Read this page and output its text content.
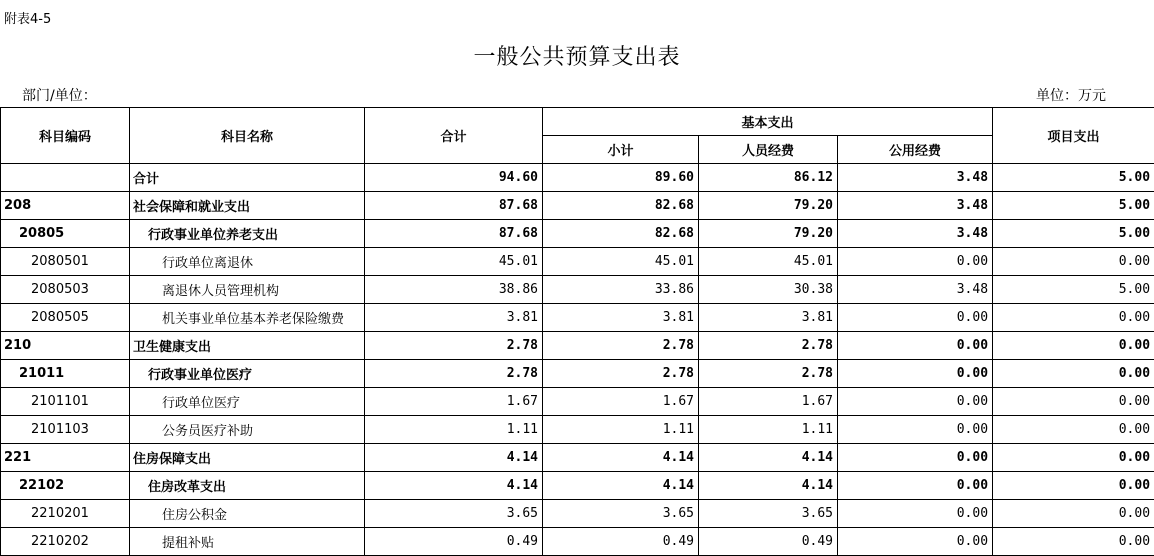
附表4-5
一般公共预算支出表
部门/单位：	单位：万元
科目编码	科目名称	合计	基本支出			项目支出
			小计	人员经费	公用经费	
	合计	94.60	89.60	86.12	3.48	5.00
208	社会保障和就业支出	87.68	82.68	79.20	3.48	5.00
20805	行政事业单位养老支出	87.68	82.68	79.20	3.48	5.00
2080501	行政单位离退休	45.01	45.01	45.01	0.00	0.00
2080503	离退休人员管理机构	38.86	33.86	30.38	3.48	5.00
2080505	机关事业单位基本养老保险缴费	3.81	3.81	3.81	0.00	0.00
210	卫生健康支出	2.78	2.78	2.78	0.00	0.00
21011	行政事业单位医疗	2.78	2.78	2.78	0.00	0.00
2101101	行政单位医疗	1.67	1.67	1.67	0.00	0.00
2101103	公务员医疗补助	1.11	1.11	1.11	0.00	0.00
221	住房保障支出	4.14	4.14	4.14	0.00	0.00
22102	住房改革支出	4.14	4.14	4.14	0.00	0.00
2210201	住房公积金	3.65	3.65	3.65	0.00	0.00
2210202	提租补贴	0.49	0.49	0.49	0.00	0.00
